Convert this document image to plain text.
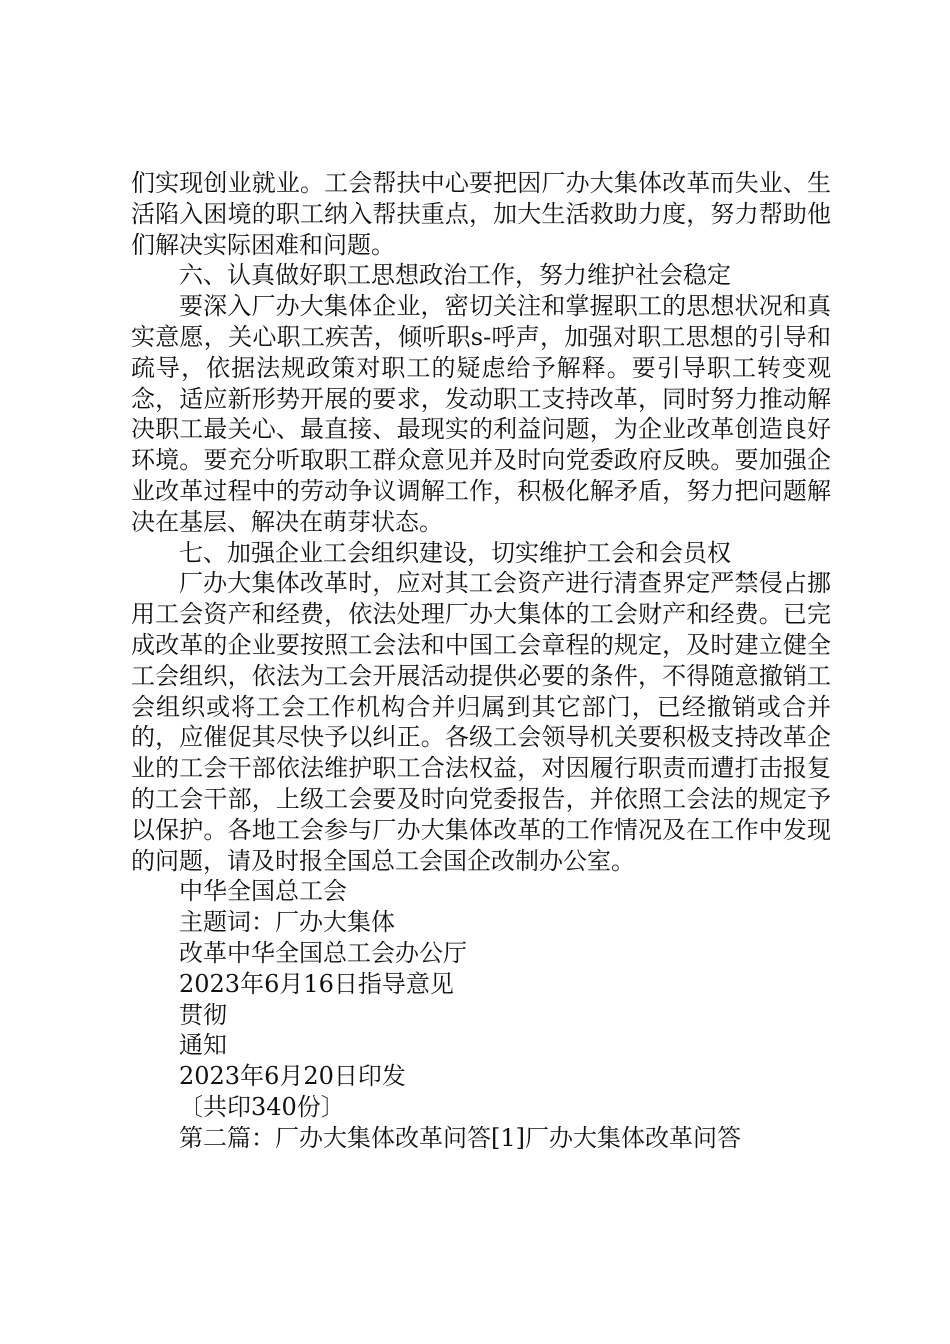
们实现创业就业。工会帮扶中心要把因厂办大集体改革而失业、生活陷入困境的职工纳入帮扶重点，加大生活救助力度，努力帮助他们解决实际困难和问题。

六、认真做好职工思想政治工作，努力维护社会稳定

要深入厂办大集体企业，密切关注和掌握职工的思想状况和真实意愿，关心职工疾苦，倾听职s-呼声，加强对职工思想的引导和疏导，依据法规政策对职工的疑虑给予解释。要引导职工转变观念，适应新形势开展的要求，发动职工支持改革，同时努力推动解决职工最关心、最直接、最现实的利益问题，为企业改革创造良好环境。要充分听取职工群众意见并及时向党委政府反映。要加强企业改革过程中的劳动争议调解工作，积极化解矛盾，努力把问题解决在基层、解决在萌芽状态。

七、加强企业工会组织建设，切实维护工会和会员权

厂办大集体改革时，应对其工会资产进行清查界定严禁侵占挪用工会资产和经费，依法处理厂办大集体的工会财产和经费。已完成改革的企业要按照工会法和中国工会章程的规定，及时建立健全工会组织，依法为工会开展活动提供必要的条件，不得随意撤销工会组织或将工会工作机构合并归属到其它部门，已经撤销或合并的，应催促其尽快予以纠正。各级工会领导机关要积极支持改革企业的工会干部依法维护职工合法权益，对因履行职责而遭打击报复的工会干部，上级工会要及时向党委报告，并依照工会法的规定予以保护。各地工会参与厂办大集体改革的工作情况及在工作中发现的问题，请及时报全国总工会国企改制办公室。

中华全国总工会

主题词：厂办大集体

改革中华全国总工会办公厅

2023年6月16日指导意见

贯彻

通知

2023年6月20日印发

〔共印340份〕

第二篇：厂办大集体改革问答[1]厂办大集体改革问答
